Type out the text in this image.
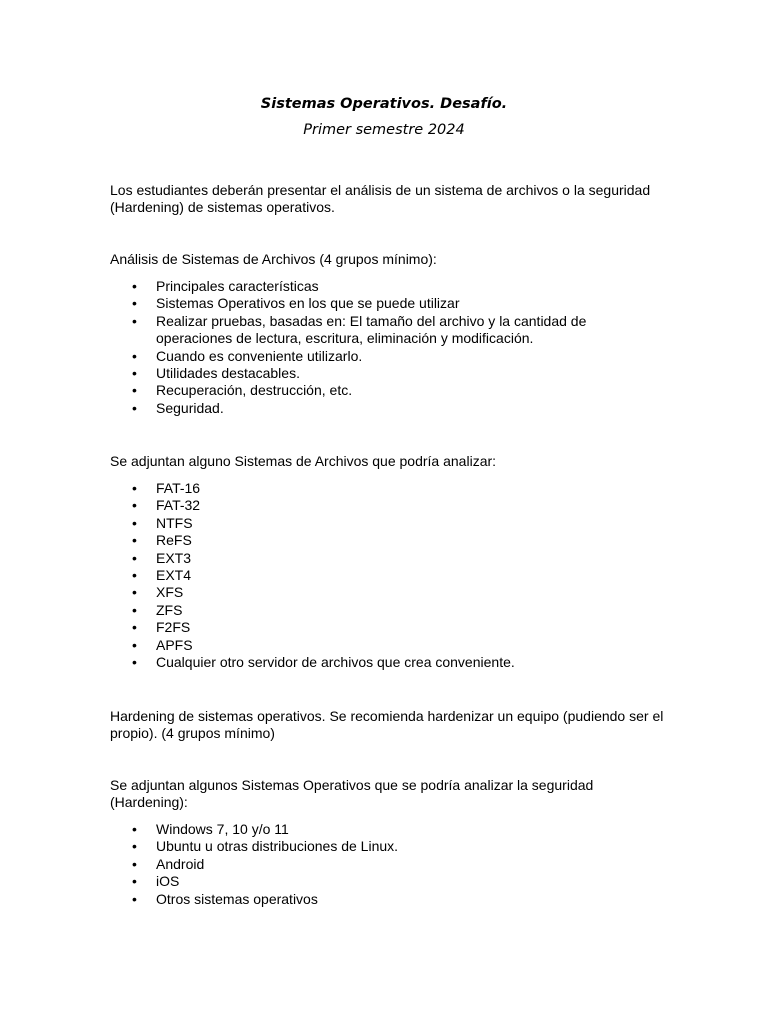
Sistemas Operativos. Desafío.
Primer semestre 2024

Los estudiantes deberán presentar el análisis de un sistema de archivos o la seguridad (Hardening) de sistemas operativos.

Análisis de Sistemas de Archivos (4 grupos mínimo):

• Principales características
• Sistemas Operativos en los que se puede utilizar
• Realizar pruebas, basadas en: El tamaño del archivo y la cantidad de operaciones de lectura, escritura, eliminación y modificación.
• Cuando es conveniente utilizarlo.
• Utilidades destacables.
• Recuperación, destrucción, etc.
• Seguridad.

Se adjuntan alguno Sistemas de Archivos que podría analizar:

• FAT-16
• FAT-32
• NTFS
• ReFS
• EXT3
• EXT4
• XFS
• ZFS
• F2FS
• APFS
• Cualquier otro servidor de archivos que crea conveniente.

Hardening de sistemas operativos. Se recomienda hardenizar un equipo (pudiendo ser el propio). (4 grupos mínimo)

Se adjuntan algunos Sistemas Operativos que se podría analizar la seguridad (Hardening):

• Windows 7, 10 y/o 11
• Ubuntu u otras distribuciones de Linux.
• Android
• iOS
• Otros sistemas operativos
